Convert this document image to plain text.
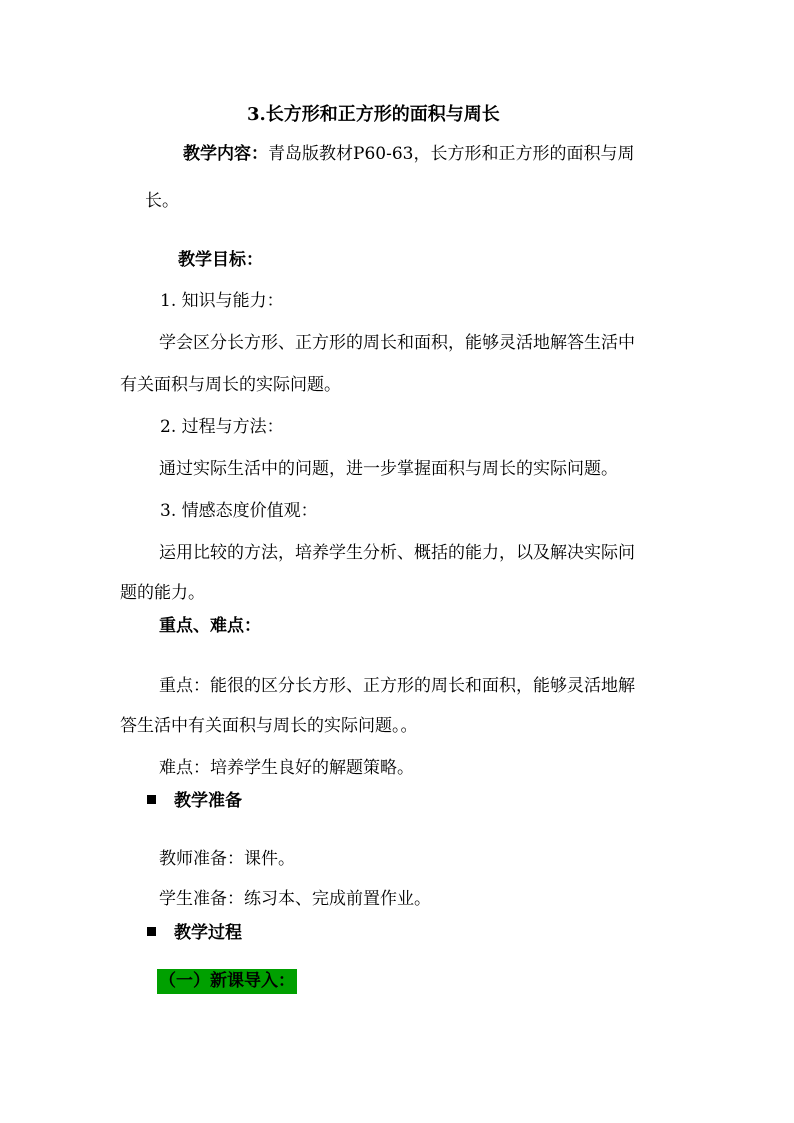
3.长方形和正方形的面积与周长
教学内容：青岛版教材P60-63，长方形和正方形的面积与周
长。
教学目标：
1. 知识与能力：
学会区分长方形、正方形的周长和面积，能够灵活地解答生活中
有关面积与周长的实际问题。
2. 过程与方法：
通过实际生活中的问题，进一步掌握面积与周长的实际问题。
3. 情感态度价值观：
运用比较的方法，培养学生分析、概括的能力，以及解决实际问
题的能力。
重点、难点：
重点：能很的区分长方形、正方形的周长和面积，能够灵活地解
答生活中有关面积与周长的实际问题。。
难点：培养学生良好的解题策略。
教学准备
教师准备：课件。
学生准备：练习本、完成前置作业。
教学过程
（一）新课导入：
